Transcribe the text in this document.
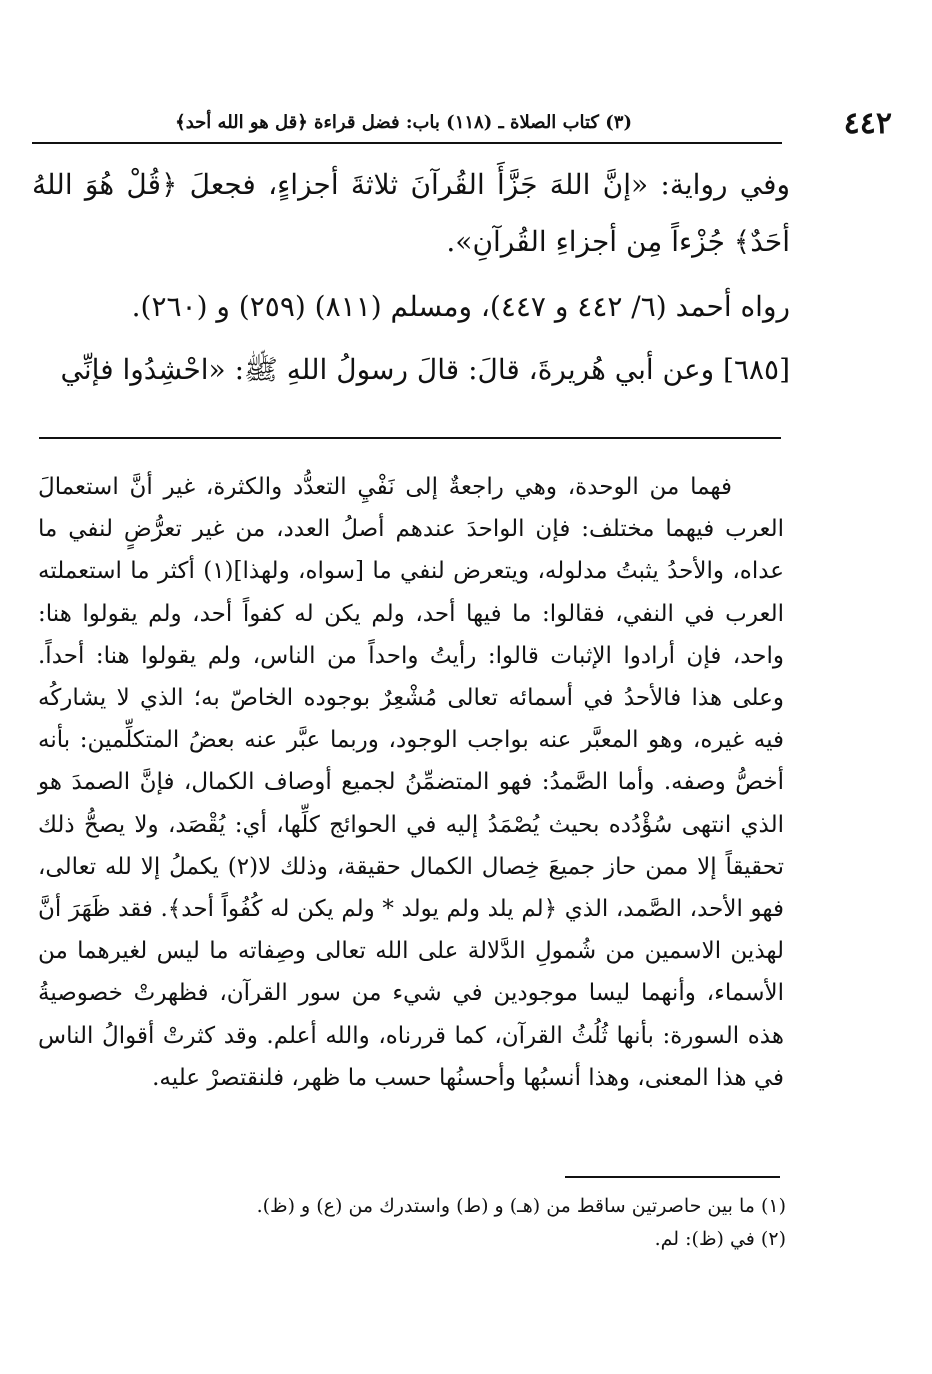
٤٤٢
(٣) كتاب الصلاة ـ (١١٨) باب: فضل قراءة ﴿قل هو الله أحد﴾

وفي رواية: «إنَّ اللهَ جَزَّأَ القُرآنَ ثلاثةَ أجزاءٍ، فجعلَ ﴿قُلْ هُوَ اللهُ أحَدٌ﴾ جُزْءاً مِن أجزاءِ القُرآنِ».

رواه أحمد (٦/ ٤٤٢ و ٤٤٧)، ومسلم (٨١١) (٢٥٩) و (٢٦٠).

[٦٨٥] وعن أبي هُريرةَ، قالَ: قالَ رسولُ اللهِ ﷺ: «احْشِدُوا فإنِّي

فهما من الوحدة، وهي راجعةٌ إلى نَفْيِ التعدُّد والكثرة، غير أنَّ استعمالَ العرب فيهما مختلف: فإن الواحدَ عندهم أصلُ العدد، من غير تعرُّضٍ لنفي ما عداه، والأحدُ يثبتُ مدلوله، ويتعرض لنفي ما [سواه، ولهذا](١) أكثر ما استعملته العرب في النفي، فقالوا: ما فيها أحد، ولم يكن له كفواً أحد، ولم يقولوا هنا: واحد، فإن أرادوا الإثبات قالوا: رأيتُ واحداً من الناس، ولم يقولوا هنا: أحداً. وعلى هذا فالأحدُ في أسمائه تعالى مُشْعِرٌ بوجوده الخاصّ به؛ الذي لا يشاركُه فيه غيره، وهو المعبَّر عنه بواجب الوجود، وربما عبَّر عنه بعضُ المتكلِّمين: بأنه أخصُّ وصفه. وأما الصَّمدُ: فهو المتضمِّنُ لجميع أوصاف الكمال، فإنَّ الصمدَ هو الذي انتهى سُؤْدُده بحيث يُصْمَدُ إليه في الحوائج كلِّها، أي: يُقْصَد، ولا يصحُّ ذلك تحقيقاً إلا ممن حاز جميعَ خِصال الكمال حقيقة، وذلك لا(٢) يكملُ إلا لله تعالى، فهو الأحد، الصَّمد، الذي ﴿لم يلد ولم يولد * ولم يكن له كُفُواً أحد﴾. فقد ظَهَرَ أنَّ لهذين الاسمين من شُمولِ الدَّلالة على الله تعالى وصِفاته ما ليس لغيرهما من الأسماء، وأنهما ليسا موجودين في شيء من سور القرآن، فظهرتْ خصوصيةُ هذه السورة: بأنها ثُلُثُ القرآن، كما قررناه، والله أعلم. وقد كثرتْ أقوالُ الناس في هذا المعنى، وهذا أنسبُها وأحسنُها حسب ما ظهر، فلنقتصرْ عليه.

(١) ما بين حاصرتين ساقط من (هـ) و (ط) واستدرك من (ع) و (ظ).
(٢) في (ظ): لم.
